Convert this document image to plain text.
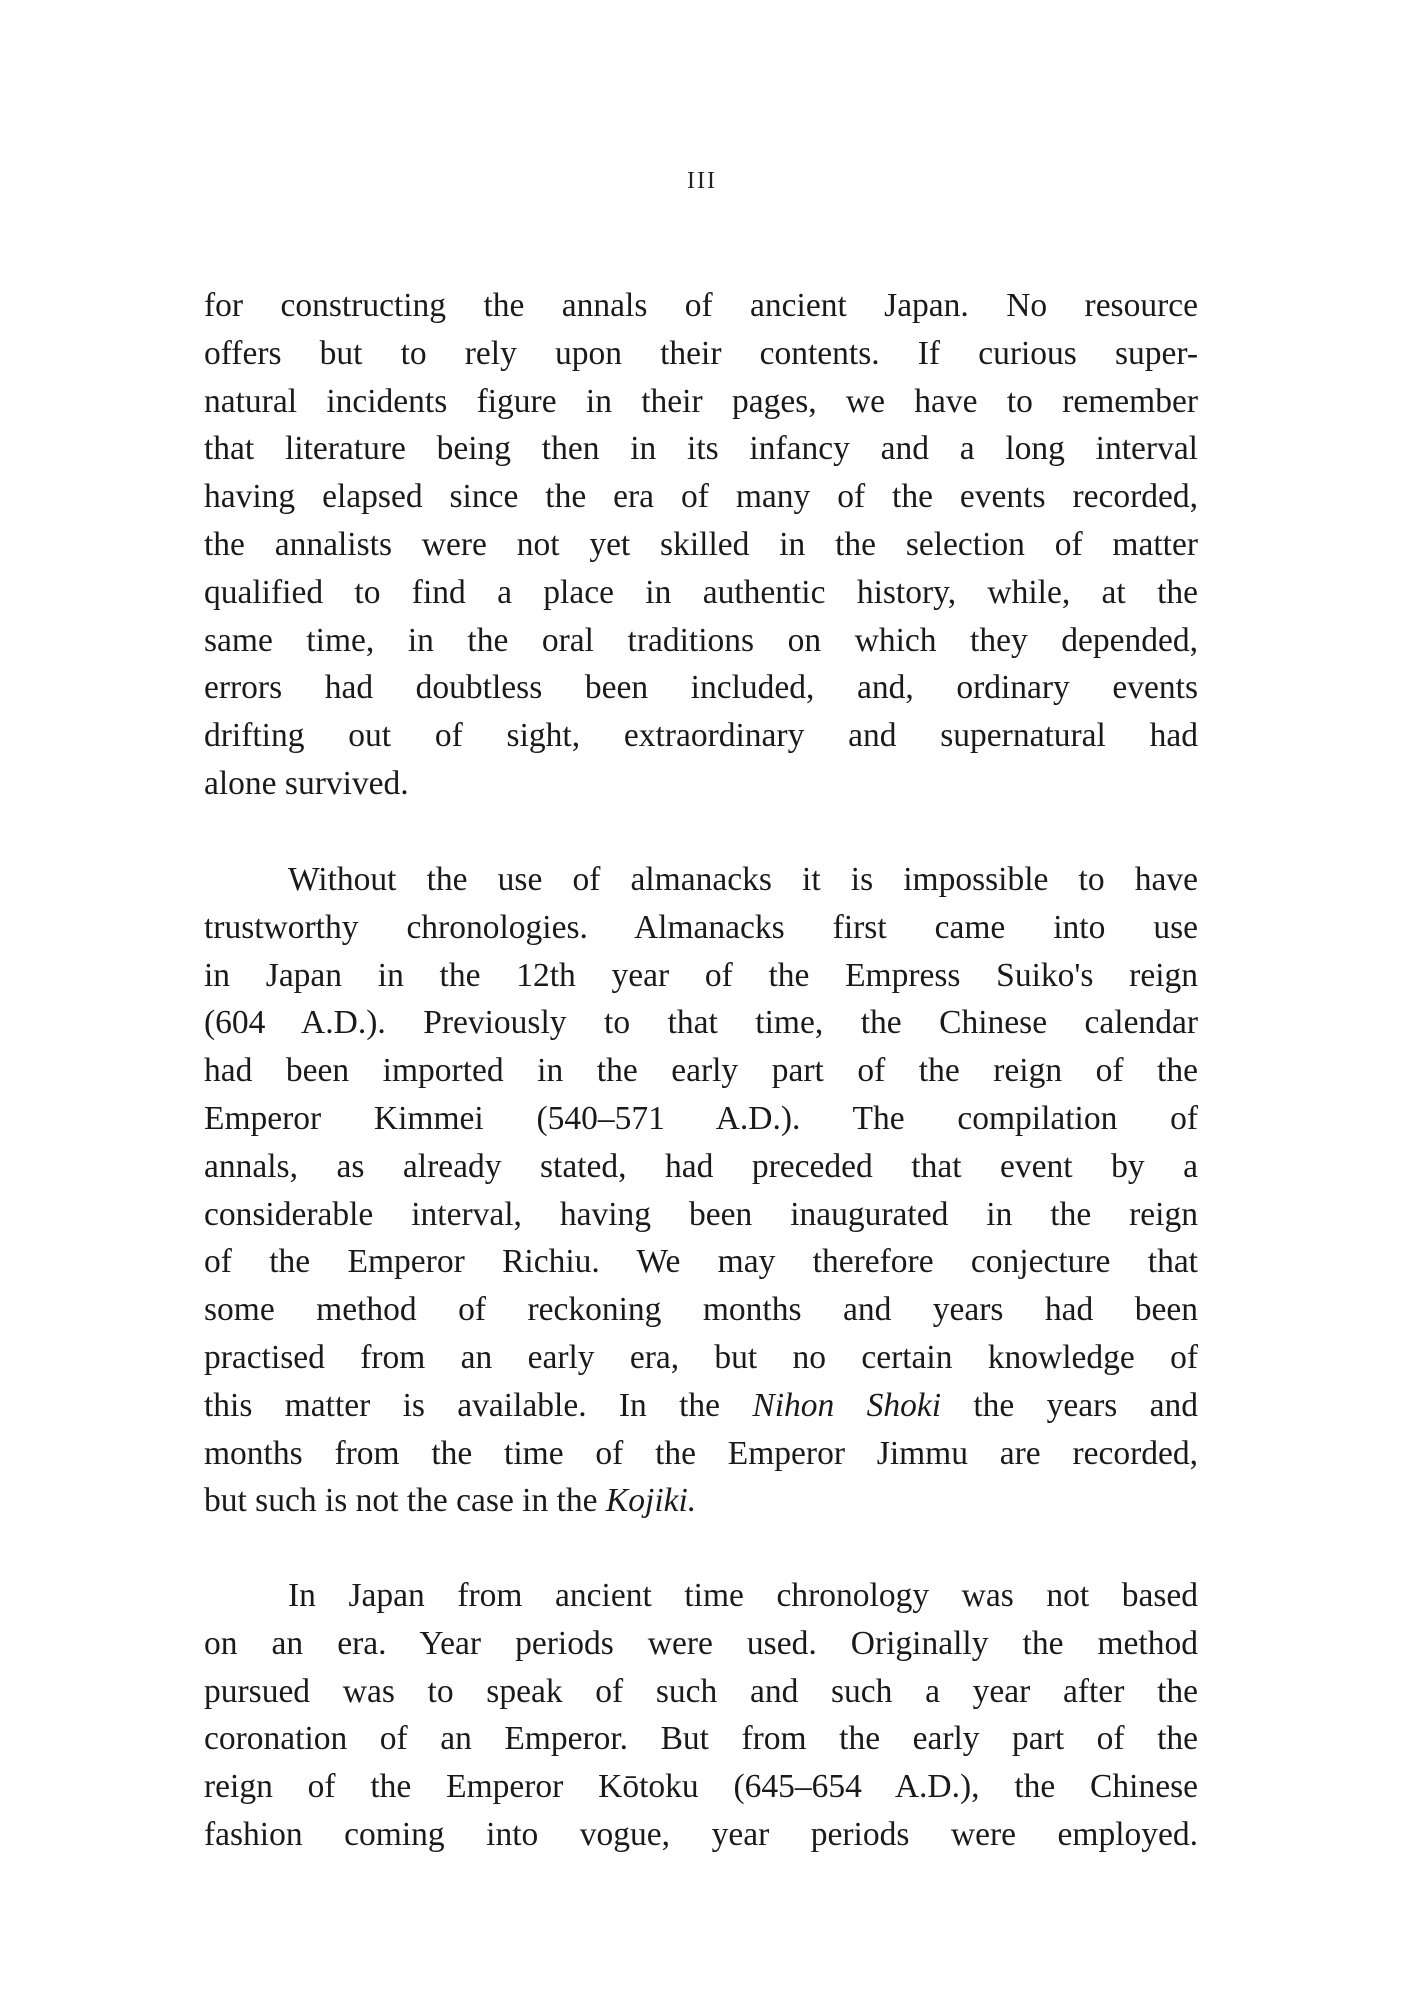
III
for constructing the annals of ancient Japan. No resource
offers but to rely upon their contents. If curious super-
natural incidents figure in their pages, we have to remember
that literature being then in its infancy and a long interval
having elapsed since the era of many of the events recorded,
the annalists were not yet skilled in the selection of matter
qualified to find a place in authentic history, while, at the
same time, in the oral traditions on which they depended,
errors had doubtless been included, and, ordinary events
drifting out of sight, extraordinary and supernatural had
alone survived.
Without the use of almanacks it is impossible to have
trustworthy chronologies. Almanacks first came into use
in Japan in the 12th year of the Empress Suiko's reign
(604 A.D.). Previously to that time, the Chinese calendar
had been imported in the early part of the reign of the
Emperor Kimmei (540–571 A.D.). The compilation of
annals, as already stated, had preceded that event by a
considerable interval, having been inaugurated in the reign
of the Emperor Richiu. We may therefore conjecture that
some method of reckoning months and years had been
practised from an early era, but no certain knowledge of
this matter is available. In the Nihon Shoki the years and
months from the time of the Emperor Jimmu are recorded,
but such is not the case in the Kojiki.
In Japan from ancient time chronology was not based
on an era. Year periods were used. Originally the method
pursued was to speak of such and such a year after the
coronation of an Emperor. But from the early part of the
reign of the Emperor Kōtoku (645–654 A.D.), the Chinese
fashion coming into vogue, year periods were employed.
